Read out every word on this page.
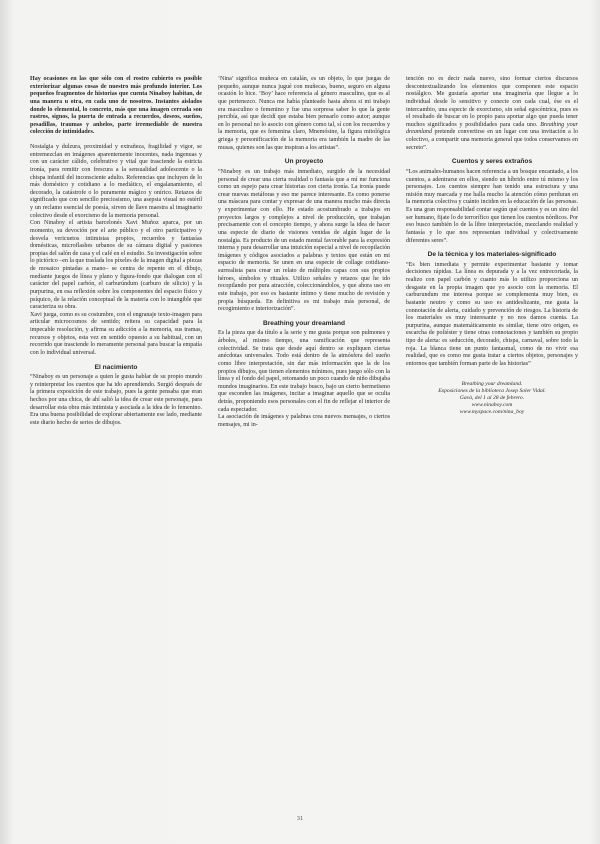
Hay ocasiones en las que sólo con el rostro cubierto es posible exteriorizar algunas cosas de nuestro más profundo interior. Los pequeños fragmentos de historias que cuenta Ninaboy habitan, de una manera u otra, en cada uno de nosotros. Instantes aislados donde lo elemental, lo concreto, más que una imagen cerrada son rastros, signos, la puerta de entrada a recuerdos, deseos, sueños, pesadillas, traumas y anhelos, parte irremediable de nuestra colección de intimidades.

Nostalgia y dulzura, proximidad y extrañeza, fragilidad y vigor, se entremezclan en imágenes aparentemente inocentes, nada ingenuas y con un carácter cálido, celebrativo y vital que trasciende la estricta ironía, para remitir con frescura a la sensualidad adolescente o la chispa infantil del inconsciente adulto. Referencias que incluyen de lo más doméstico y cotidiano a lo mediático, el engalanamiento, el decorado, la catástrofe o lo puramente mágico y onírico. Retazos de significado que con sencillo preciosismo, una asepsia visual no estéril y un reclamo esencial de poesía, sirven de llave maestra al imaginario colectivo desde el exorcismo de la memoria personal.

Con Ninaboy el artista barcelonés Xavi Muñoz aparca, por un momento, su devoción por el arte público y el otro participativo y desvela vericuetos intimistas propios, recuerdos y fantasías domésticas, microflashes urbanos de su cámara digital y pasiones propias del salón de casa y el café en el estudio. Su investigación sobre lo pictórico –en la que traslada los píxeles de la imagen digital a piezas de mosaico pintadas a mano– se centra de repente en el dibujo, mediante juegos de línea y plano y figura-fondo que dialogan con el carácter del papel carbón, el carburúndum (carburo de silicio) y la purpurina, en esa reflexión sobre los componentes del espacio físico y psíquico, de la relación conceptual de la materia con lo intangible que caracteriza su obra.

Xavi juega, como es su costumbre, con el engranaje texto-imagen para articular microcosmos de sentido; reitera su capacidad para la impecable resolución, y afirma su adicción a la memoria, sus tramas, recursos y objetos, esta vez en sentido opuesto a su habitual, con un recorrido que trasciende lo meramente personal para buscar la empatía con lo individual universal.

El nacimiento

“Ninaboy es un personaje a quien le gusta hablar de su propio mundo y reinterpretar los cuentos que ha ido aprendiendo. Surgió después de la primera exposición de este trabajo, pues la gente pensaba que eran hechos por una chica, de ahí salió la idea de crear este personaje, para desarrollar esta obra más intimista y asociada a la idea de lo femenino. Era una buena posibilidad de explorar abiertamente ese lado, mediante este diario hecho de series de dibujos.

‘Nina’ significa muñeca en catalán, es un objeto, lo que juegas de pequeño, aunque nunca jugué con muñecas, bueno, seguro en alguna ocasión lo hice. ‘Boy’ hace referencia al género masculino, que es al que pertenezco. Nunca me había planteado hasta ahora si mi trabajo era masculino o femenino y fue una sorpresa saber lo que la gente percibía, así que decidí que estaba bien pensarlo como autor; aunque en lo personal no lo asocio con género como tal, sí con los recuerdos y la memoria, que es femenina claro, Mnemósine, la figura mitológica griega y personificación de la memoria era también la madre de las musas, quienes son las que inspiran a los artistas”.

Un proyecto

“Ninaboy es un trabajo más inmediato, surgido de la necesidad personal de crear una cierta realidad o fantasía que a mí me funciona como un espejo para crear historias con cierta ironía. La ironía puede crear nuevas metáforas y eso me parece interesante. Es como ponerse una máscara para contar y expresar de una manera mucho más directa y experimentar con ello. He estado acostumbrado a trabajos en proyectos largos y complejos a nivel de producción, que trabajan precisamente con el concepto tiempo, y ahora surge la idea de hacer una especie de diario de visiones venidas de algún lugar de la nostalgia. Es producto de un estado mental favorable para la expresión interna y para desarrollar una intuición especial a nivel de recopilación imágenes y códigos asociados a palabras y textos que están en mi espacio de memoria. Se unen en una especie de collage cotidiano-surrealista para crear un relato de múltiples capas con sus propios héroes, símbolos y rituales. Utilizo señales y retazos que he ido recopilando por pura atracción, coleccionándolos, y que ahora uso en este trabajo, por eso es bastante íntimo y tiene mucho de revisión y propia búsqueda. En definitiva es mi trabajo más personal, de recogimiento e interiorización”.

Breathing your dreamland

Es la pieza que da título a la serie y me gusta porque son pulmones y árboles, al mismo tiempo, una ramificación que representa colectividad. Se trata que desde aquí dentro se expliquen ciertas anécdotas universales. Todo está dentro de la atmósfera del sueño como libre interpretación, sin dar más información que la de los propios dibujos, que tienen elementos mínimos, pues juego sólo con la línea y el fondo del papel, retomando un poco cuando de niño dibujaba mundos imaginarios. En este trabajo busco, bajo un cierto hermetismo que esconden las imágenes, incitar a imaginar aquello que se oculta detrás, proponiendo esos personales con el fin de reflejar el interior de cada espectador.

La asociación de imágenes y palabras crea nuevos mensajes, o ciertos mensajes, mi in-

tención no es decir nada nuevo, sino formar ciertos discursos descontextualizando los elementos que componen este espacio nostálgico. Me gustaría aportar una imaginería que llegue a lo individual desde lo sensitivo y conecte con cada cual, ése es el intercambio, una especie de exorcismo, sin señal egocéntrica, pues es el resultado de buscar en lo propio para aportar algo que pueda tener muchos significados y posibilidades para cada uno. Breathing your dreamland pretende convertirse en un lugar con una invitación a lo colectivo, a compartir una memoria general que todos conservamos en secreto”.

Cuentos y seres extraños

“Los animales-humanos hacen referencia a un bosque encantado, a los cuentos, a adentrarse en ellos, siendo un híbrido entre tú mismo y los personajes. Los cuentos siempre han tenido una estructura y una misión muy marcada y me halla mucho la atención cómo perduran en la memoria colectiva y cuánto inciden en la educación de las personas. Es una gran responsabilidad contar según qué cuentos y es un sino del ser humano, fijate lo de terrorífico que tienen los cuentos nórdicos. Por eso busco también lo de la libre interpretación, mezclando realidad y fantasía y lo que nos representan individual y colectivamente diferentes seres”.

De la técnica y los materiales-significado

“Es bien inmediata y permite experimentar bastante y tomar decisiones rápidas. La línea es depurada y a la vez entrecortada, la realizo con papel carbón y cuanto más lo utilizo proporciona un desgaste en la propia imagen que yo asocio con la memoria. El carburundum me interesa porque se complementa muy bien, es bastante neutro y como su uso es antideslizante, me gusta la connotación de alerta, cuidado y prevención de riesgos. La historia de los materiales es muy interesante y no nos damos cuenta. La purpurina, aunque matemáticamente es similar, tiene otro origen, es escarcha de poliéster y tiene otras connotaciones y también su propio tipo de alerta: es seducción, decorado, chispa, carnaval, sobre todo la roja. La blanca tiene un punto fantasmal, como de no vivir esa realidad, que es como me gusta tratar a ciertos objetos, personajes y entornos que también forman parte de las historias”

Breathing your dreamland.
Exposiciones de la biblioteca Josep Soler Vidal.
Gavà, del 1 al 28 de febrero.
www.ninaboy.com
www.myspace.com/nina_boy
31
